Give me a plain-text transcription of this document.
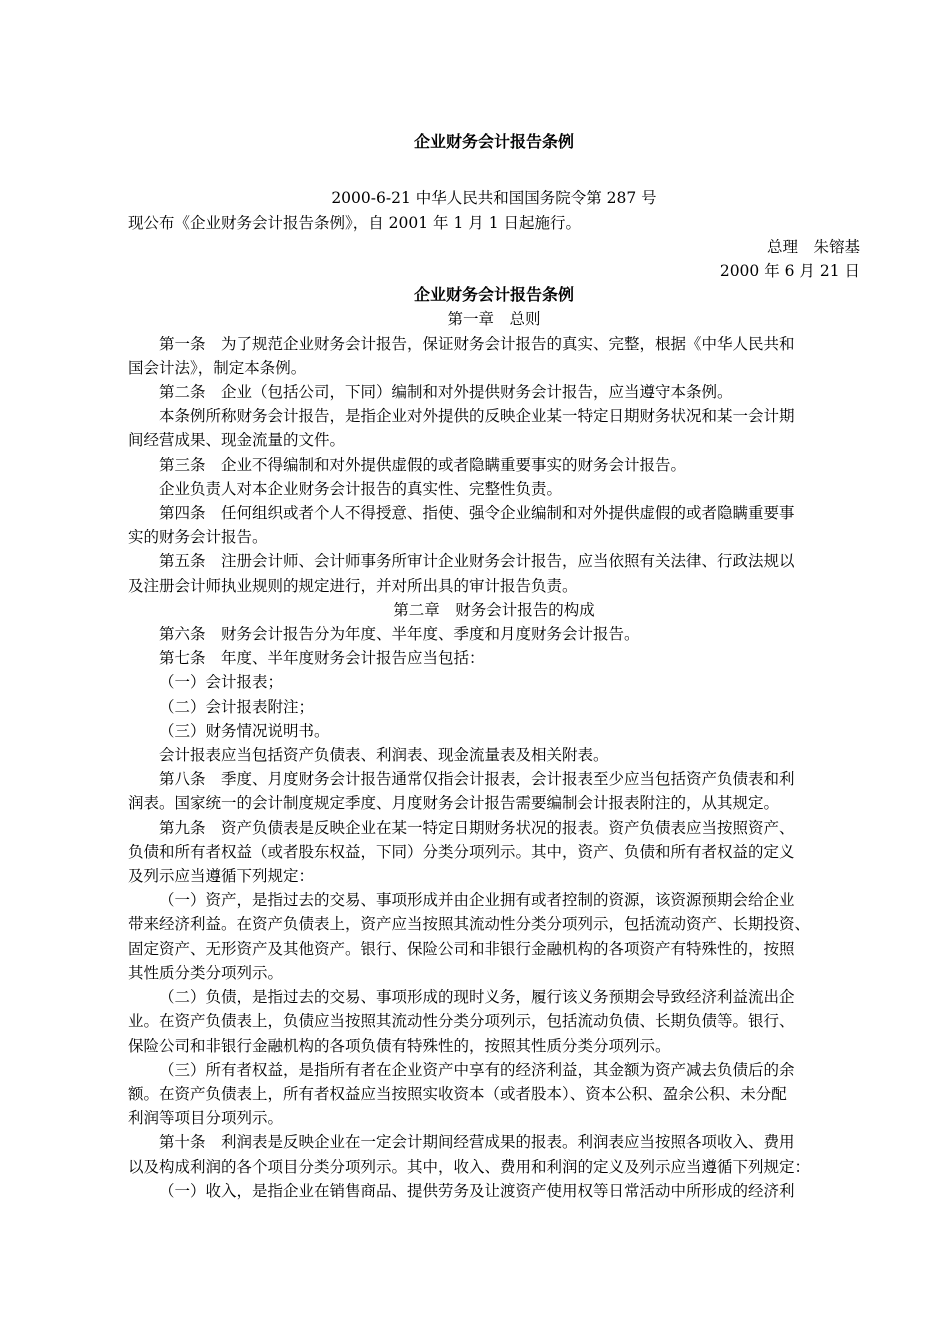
企业财务会计报告条例
2000-6-21 中华人民共和国国务院令第 287 号
现公布《企业财务会计报告条例》，自 2001 年 1 月 1 日起施行。
总理　朱镕基
2000 年 6 月 21 日
企业财务会计报告条例
第一章　总则
第一条　为了规范企业财务会计报告，保证财务会计报告的真实、完整，根据《中华人民共和
国会计法》，制定本条例。
第二条　企业（包括公司，下同）编制和对外提供财务会计报告，应当遵守本条例。
本条例所称财务会计报告，是指企业对外提供的反映企业某一特定日期财务状况和某一会计期
间经营成果、现金流量的文件。
第三条　企业不得编制和对外提供虚假的或者隐瞒重要事实的财务会计报告。
企业负责人对本企业财务会计报告的真实性、完整性负责。
第四条　任何组织或者个人不得授意、指使、强令企业编制和对外提供虚假的或者隐瞒重要事
实的财务会计报告。
第五条　注册会计师、会计师事务所审计企业财务会计报告，应当依照有关法律、行政法规以
及注册会计师执业规则的规定进行，并对所出具的审计报告负责。
第二章　财务会计报告的构成
第六条　财务会计报告分为年度、半年度、季度和月度财务会计报告。
第七条　年度、半年度财务会计报告应当包括：
（一）会计报表；
（二）会计报表附注；
（三）财务情况说明书。
会计报表应当包括资产负债表、利润表、现金流量表及相关附表。
第八条　季度、月度财务会计报告通常仅指会计报表，会计报表至少应当包括资产负债表和利
润表。国家统一的会计制度规定季度、月度财务会计报告需要编制会计报表附注的，从其规定。
第九条　资产负债表是反映企业在某一特定日期财务状况的报表。资产负债表应当按照资产、
负债和所有者权益（或者股东权益，下同）分类分项列示。其中，资产、负债和所有者权益的定义
及列示应当遵循下列规定：
（一）资产，是指过去的交易、事项形成并由企业拥有或者控制的资源，该资源预期会给企业
带来经济利益。在资产负债表上，资产应当按照其流动性分类分项列示，包括流动资产、长期投资、
固定资产、无形资产及其他资产。银行、保险公司和非银行金融机构的各项资产有特殊性的，按照
其性质分类分项列示。
（二）负债，是指过去的交易、事项形成的现时义务，履行该义务预期会导致经济利益流出企
业。在资产负债表上，负债应当按照其流动性分类分项列示，包括流动负债、长期负债等。银行、
保险公司和非银行金融机构的各项负债有特殊性的，按照其性质分类分项列示。
（三）所有者权益，是指所有者在企业资产中享有的经济利益，其金额为资产减去负债后的余
额。在资产负债表上，所有者权益应当按照实收资本（或者股本）、资本公积、盈余公积、未分配
利润等项目分项列示。
第十条　利润表是反映企业在一定会计期间经营成果的报表。利润表应当按照各项收入、费用
以及构成利润的各个项目分类分项列示。其中，收入、费用和利润的定义及列示应当遵循下列规定：
（一）收入，是指企业在销售商品、提供劳务及让渡资产使用权等日常活动中所形成的经济利
